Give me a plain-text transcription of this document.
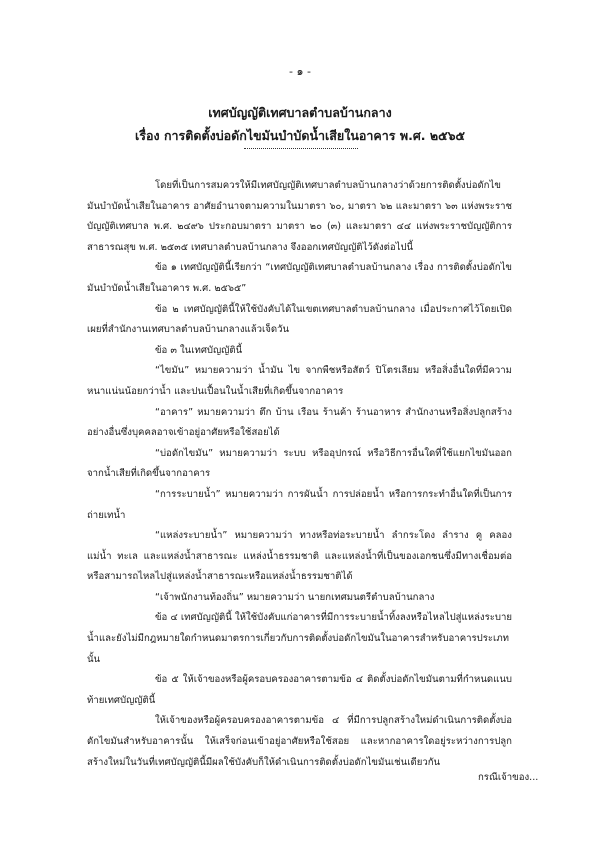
- ๑ -
เทศบัญญัติเทศบาลตำบลบ้านกลาง
เรื่อง การติดตั้งบ่อดักไขมันบำบัดน้ำเสียในอาคาร พ.ศ. ๒๕๖๕

โดยที่เป็นการสมควรให้มีเทศบัญญัติเทศบาลตำบลบ้านกลางว่าด้วยการติดตั้งบ่อดักไขมันบำบัดน้ำเสียในอาคาร อาศัยอำนาจตามความในมาตรา ๖๐, มาตรา ๖๒ และมาตรา ๖๓ แห่งพระราชบัญญัติเทศบาล พ.ศ. ๒๔๙๖ ประกอบมาตรา มาตรา ๒๐ (๓) และมาตรา ๔๔ แห่งพระราชบัญญัติการสาธารณสุข พ.ศ. ๒๕๓๕ เทศบาลตำบลบ้านกลาง จึงออกเทศบัญญัติไว้ดังต่อไปนี้

ข้อ ๑ เทศบัญญัตินี้เรียกว่า “เทศบัญญัติเทศบาลตำบลบ้านกลาง เรื่อง การติดตั้งบ่อดักไขมันบำบัดน้ำเสียในอาคาร พ.ศ. ๒๕๖๕”

ข้อ ๒ เทศบัญญัตินี้ให้ใช้บังคับได้ในเขตเทศบาลตำบลบ้านกลาง เมื่อประกาศไว้โดยเปิดเผยที่สำนักงานเทศบาลตำบลบ้านกลางแล้วเจ็ดวัน

ข้อ ๓ ในเทศบัญญัตินี้

“ไขมัน” หมายความว่า น้ำมัน ไข จากพืชหรือสัตว์ ปิโตรเลียม หรือสิ่งอื่นใดที่มีความหนาแน่นน้อยกว่าน้ำ และปนเปื้อนในน้ำเสียที่เกิดขึ้นจากอาคาร

“อาคาร” หมายความว่า ตึก บ้าน เรือน ร้านค้า ร้านอาหาร สำนักงานหรือสิ่งปลูกสร้างอย่างอื่นซึ่งบุคคลอาจเข้าอยู่อาศัยหรือใช้สอยได้

“บ่อดักไขมัน” หมายความว่า ระบบ หรืออุปกรณ์ หรือวิธีการอื่นใดที่ใช้แยกไขมันออกจากน้ำเสียที่เกิดขึ้นจากอาคาร

“การระบายน้ำ” หมายความว่า การผันน้ำ การปล่อยน้ำ หรือการกระทำอื่นใดที่เป็นการถ่ายเทน้ำ

“แหล่งระบายน้ำ” หมายความว่า ทางหรือท่อระบายน้ำ ลำกระโดง ลำราง คู คลอง แม่น้ำ ทะเล และแหล่งน้ำสาธารณะ แหล่งน้ำธรรมชาติ และแหล่งน้ำที่เป็นของเอกชนซึ่งมีทางเชื่อมต่อหรือสามารถไหลไปสู่แหล่งน้ำสาธารณะหรือแหล่งน้ำธรรมชาติได้

“เจ้าพนักงานท้องถิ่น” หมายความว่า นายกเทศมนตรีตำบลบ้านกลาง

ข้อ ๔ เทศบัญญัตินี้ ให้ใช้บังคับแก่อาคารที่มีการระบายน้ำทิ้งลงหรือไหลไปสู่แหล่งระบายน้ำและยังไม่มีกฎหมายใดกำหนดมาตรการเกี่ยวกับการติดตั้งบ่อดักไขมันในอาคารสำหรับอาคารประเภทนั้น

ข้อ ๕ ให้เจ้าของหรือผู้ครอบครองอาคารตามข้อ ๔ ติดตั้งบ่อดักไขมันตามที่กำหนดแนบท้ายเทศบัญญัตินี้

ให้เจ้าของหรือผู้ครอบครองอาคารตามข้อ ๔ ที่มีการปลูกสร้างใหม่ดำเนินการติดตั้งบ่อดักไขมันสำหรับอาคารนั้น ให้เสร็จก่อนเข้าอยู่อาศัยหรือใช้สอย และหากอาคารใดอยู่ระหว่างการปลูกสร้างใหม่ในวันที่เทศบัญญัตินี้มีผลใช้บังคับก็ให้ดำเนินการติดตั้งบ่อดักไขมันเช่นเดียวกัน

กรณีเจ้าของ...
